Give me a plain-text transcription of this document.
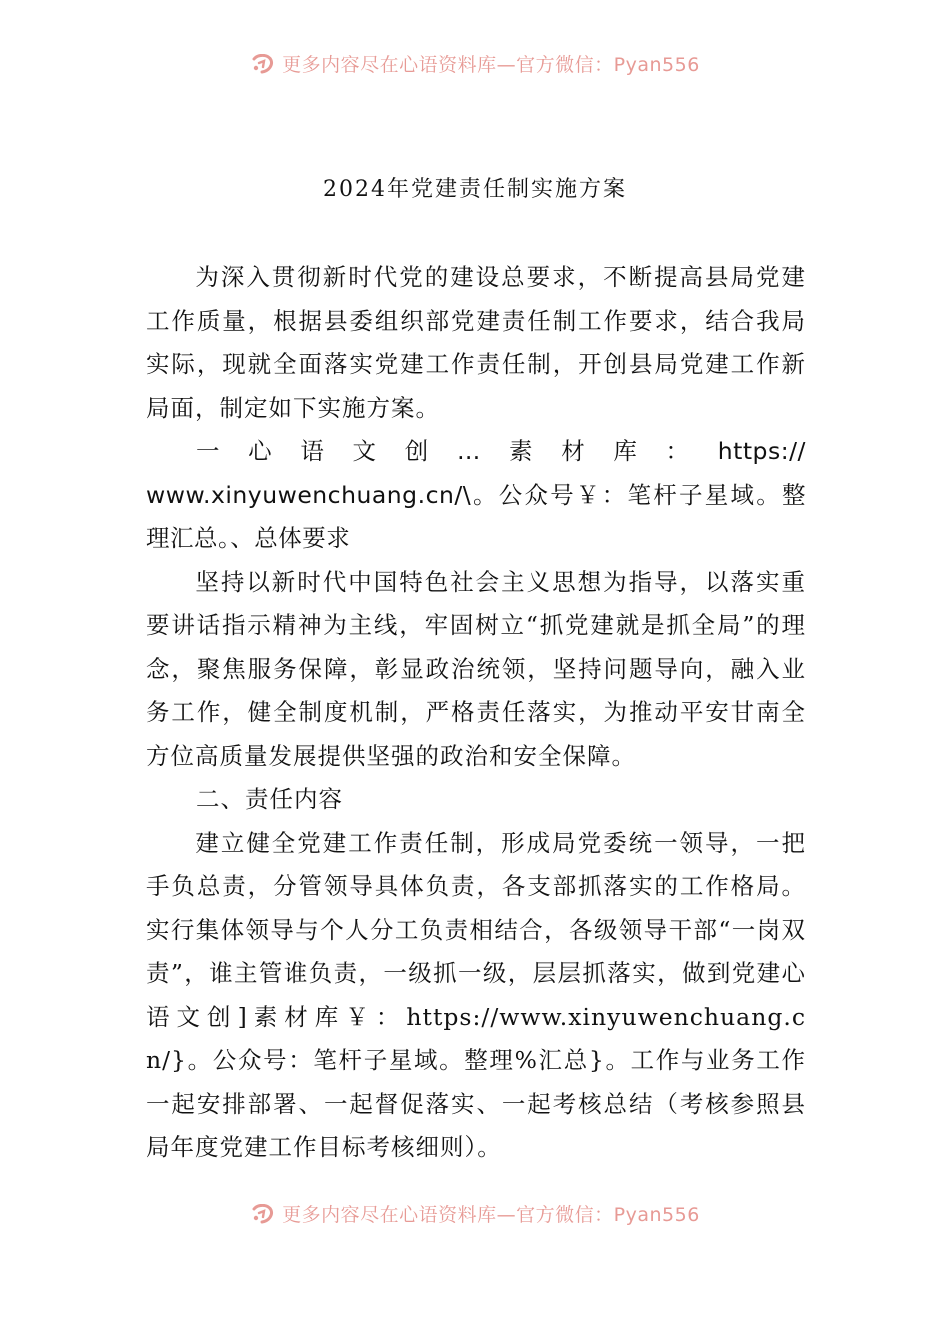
更多内容尽在心语资料库—官方微信：Pyan556
2024年党建责任制实施方案

为深入贯彻新时代党的建设总要求，不断提高县局党建工作质量，根据县委组织部党建责任制工作要求，结合我局实际，现就全面落实党建工作责任制，开创县局党建工作新局面，制定如下实施方案。

一 心 语 文 创 … 素 材 库 ： https://

www.xinyuwenchuang.cn/\。公众号￥：笔杆子星域。整理汇总。、总体要求

坚持以新时代中国特色社会主义思想为指导，以落实重要讲话指示精神为主线，牢固树立“抓党建就是抓全局”的理念，聚焦服务保障，彰显政治统领，坚持问题导向，融入业务工作，健全制度机制，严格责任落实，为推动平安甘南全方位高质量发展提供坚强的政治和安全保障。

二、责任内容

建立健全党建工作责任制，形成局党委统一领导，一把手负总责，分管领导具体负责，各支部抓落实的工作格局。实行集体领导与个人分工负责相结合，各级领导干部“一岗双责”，谁主管谁负责，一级抓一级，层层抓落实，做到党建心语文创]素材库￥：https://www.xinyuwenchuang.cn/}。公众号：笔杆子星域。整理%汇总}。工作与业务工作一起安排部署、一起督促落实、一起考核总结（考核参照县局年度党建工作目标考核细则）。

更多内容尽在心语资料库—官方微信：Pyan556
